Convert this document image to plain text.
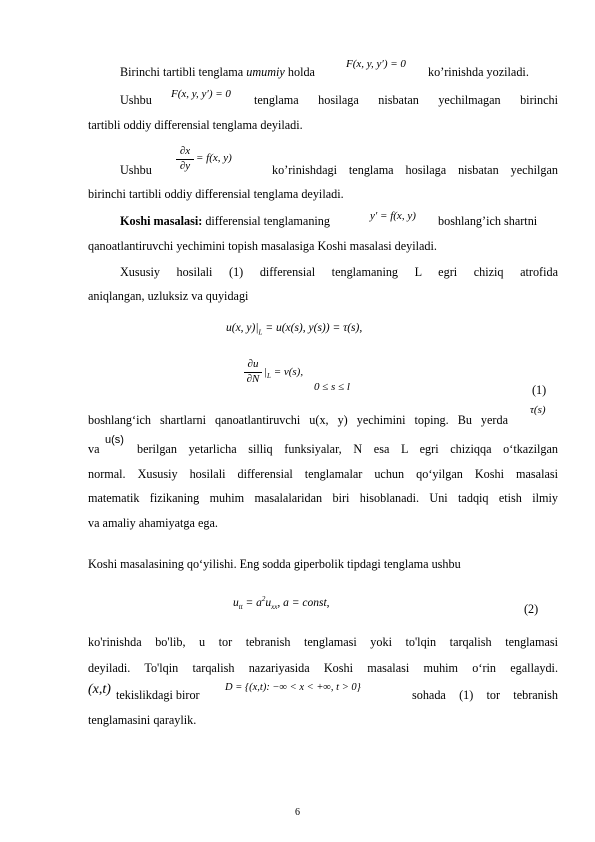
Birinchi tartibli tenglama umumiy holda
F(x, y, y′) = 0
ko’rinishda yoziladi.
Ushbu F(x, y, y′) = 0 tenglama hosilaga nisbatan yechilmagan birinchi
tartibli oddiy differensial tenglama deyiladi.
Ushbu
∂x
∂y
= f(x, y)
ko’rinishdagi tenglama hosilaga nisbatan yechilgan
birinchi tartibli oddiy differensial tenglama deyiladi.
Koshi masalasi: differensial tenglamaning	y′ = f(x, y) boshlang’ich shartni
qanoatlantiruvchi yechimini topish masalasiga Koshi masalasi deyiladi.
Xususiy hosilali (1) differensial tenglamaning L egri chiziq atrofida
aniqlangan, uzluksiz va quyidagi
u(x, $y)|_L = u(x(s)$, y(s)) = τ(s),
∂u
∂N
$|_L = \nu(s)$,
0 ≤ s ≤ l	(1)
boshlang‘ich shartlarni qanoatlantiruvchi u(x, y) yechimini toping. Bu yerda
τ(s)
va
u(s)
berilgan yetarlicha silliq funksiyalar, N esa L egri chiziqqa o‘tkazilgan
normal. Xususiy hosilali differensial tenglamalar uchun qo‘yilgan Koshi masalasi
matematik fizikaning muhim masalalaridan biri hisoblanadi. Uni tadqiq etish ilmiy
va amaliy ahamiyatga ega.
Koshi masalasining qo‘yilishi. Eng sodda giperbolik tipdagi tenglama ushbu
$u_{tt} = a^2u_{xx}$, a = const,	(2)
ko'rinishda bo'lib, u tor tebranish tenglamasi yoki to'lqin tarqalish tenglamasi
deyiladi. To'lqin tarqalish nazariyasida Koshi masalasi muhim o‘rin egallaydi.
(x,t) tekislikdagi biror
D = {(x,t): −∞ < x < +∞, t > 0}
sohada (1) tor tebranish
tenglamasini qaraylik.
6
